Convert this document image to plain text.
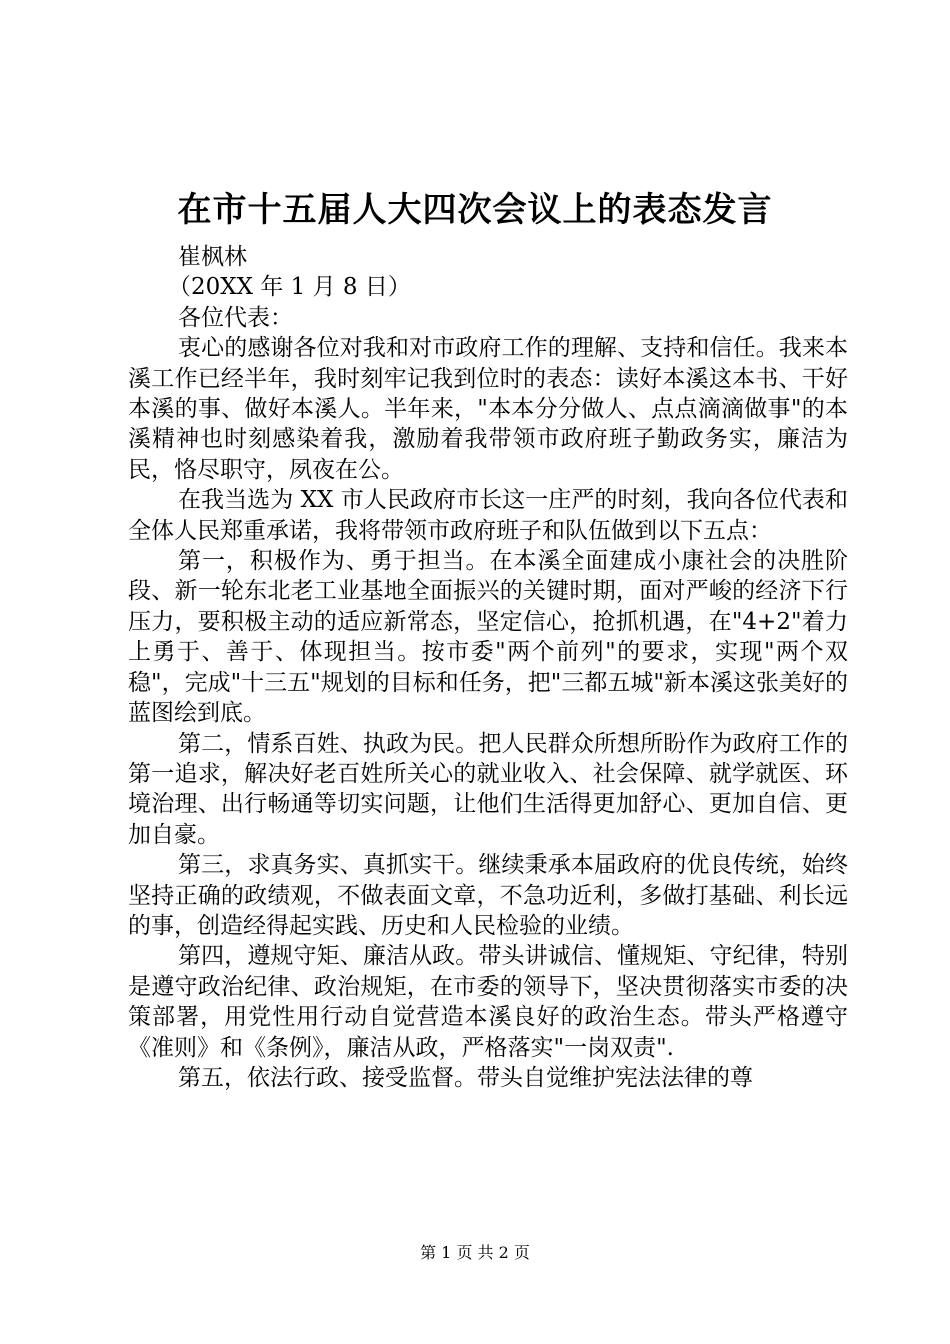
在市十五届人大四次会议上的表态发言

崔枫林

（20XX 年 1 月 8 日）

各位代表：

衷心的感谢各位对我和对市政府工作的理解、支持和信任。我来本溪工作已经半年，我时刻牢记我到位时的表态：读好本溪这本书、干好本溪的事、做好本溪人。半年来，"本本分分做人、点点滴滴做事"的本溪精神也时刻感染着我，激励着我带领市政府班子勤政务实，廉洁为民，恪尽职守，夙夜在公。

在我当选为 XX 市人民政府市长这一庄严的时刻，我向各位代表和全体人民郑重承诺，我将带领市政府班子和队伍做到以下五点：

第一，积极作为、勇于担当。在本溪全面建成小康社会的决胜阶段、新一轮东北老工业基地全面振兴的关键时期，面对严峻的经济下行压力，要积极主动的适应新常态，坚定信心，抢抓机遇，在"4+2"着力上勇于、善于、体现担当。按市委"两个前列"的要求，实现"两个双稳"，完成"十三五"规划的目标和任务，把"三都五城"新本溪这张美好的蓝图绘到底。

第二，情系百姓、执政为民。把人民群众所想所盼作为政府工作的第一追求，解决好老百姓所关心的就业收入、社会保障、就学就医、环境治理、出行畅通等切实问题，让他们生活得更加舒心、更加自信、更加自豪。

第三，求真务实、真抓实干。继续秉承本届政府的优良传统，始终坚持正确的政绩观，不做表面文章，不急功近利，多做打基础、利长远的事，创造经得起实践、历史和人民检验的业绩。

第四，遵规守矩、廉洁从政。带头讲诚信、懂规矩、守纪律，特别是遵守政治纪律、政治规矩，在市委的领导下，坚决贯彻落实市委的决策部署，用党性用行动自觉营造本溪良好的政治生态。带头严格遵守《准则》和《条例》，廉洁从政，严格落实"一岗双责".

第五，依法行政、接受监督。带头自觉维护宪法法律的尊

第 1 页 共 2 页
